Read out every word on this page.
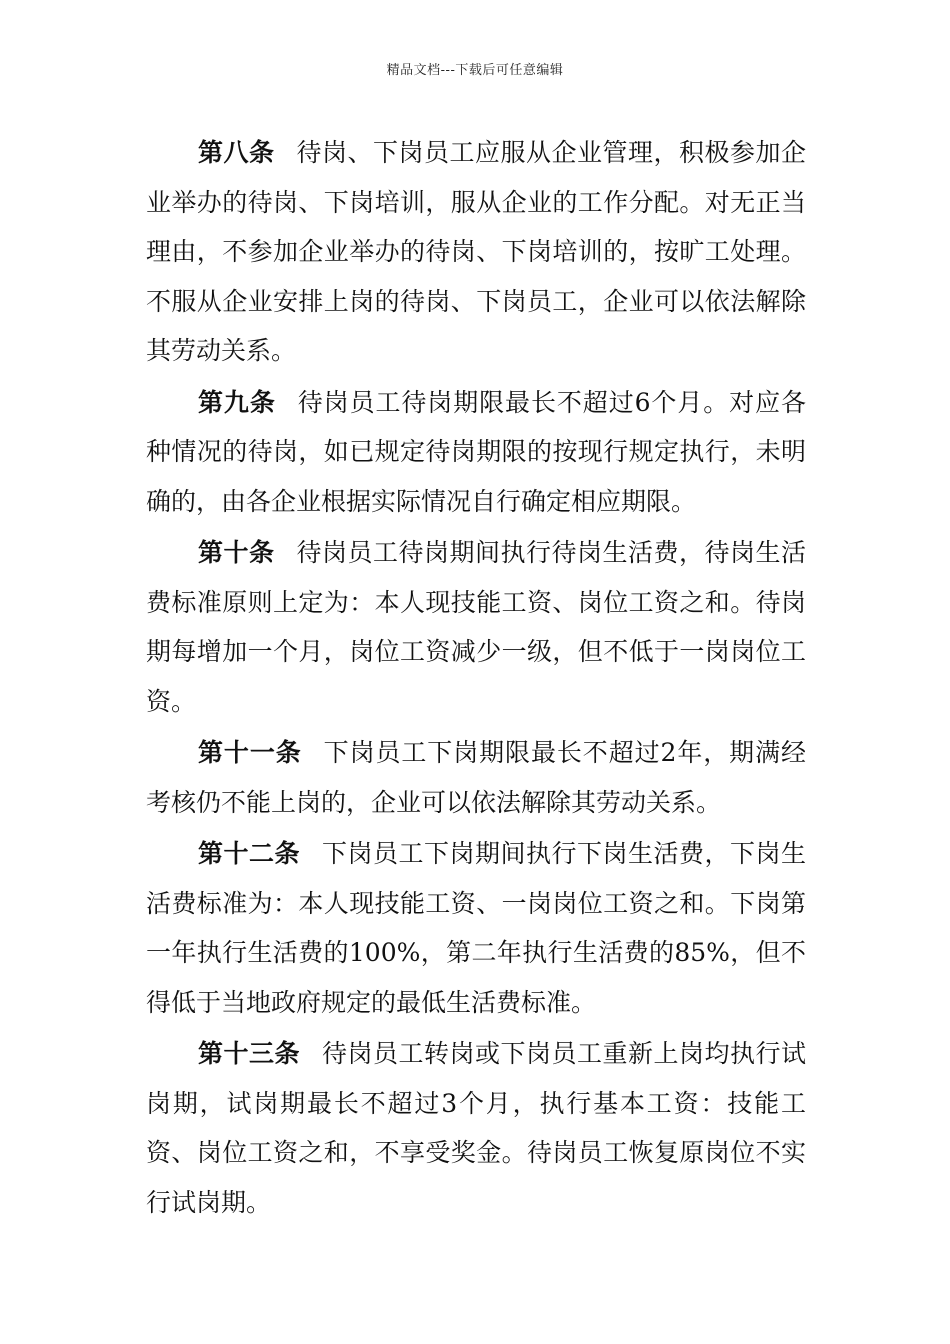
精品文档---下载后可任意编辑

第八条 待岗、下岗员工应服从企业管理，积极参加企业举办的待岗、下岗培训，服从企业的工作分配。对无正当理由，不参加企业举办的待岗、下岗培训的，按旷工处理。不服从企业安排上岗的待岗、下岗员工，企业可以依法解除其劳动关系。

第九条 待岗员工待岗期限最长不超过6个月。对应各种情况的待岗，如已规定待岗期限的按现行规定执行，未明确的，由各企业根据实际情况自行确定相应期限。

第十条 待岗员工待岗期间执行待岗生活费，待岗生活费标准原则上定为：本人现技能工资、岗位工资之和。待岗期每增加一个月，岗位工资减少一级，但不低于一岗岗位工资。

第十一条 下岗员工下岗期限最长不超过2年，期满经考核仍不能上岗的，企业可以依法解除其劳动关系。

第十二条 下岗员工下岗期间执行下岗生活费，下岗生活费标准为：本人现技能工资、一岗岗位工资之和。下岗第一年执行生活费的100%，第二年执行生活费的85%，但不得低于当地政府规定的最低生活费标准。

第十三条 待岗员工转岗或下岗员工重新上岗均执行试岗期，试岗期最长不超过3个月，执行基本工资：技能工资、岗位工资之和，不享受奖金。待岗员工恢复原岗位不实行试岗期。
